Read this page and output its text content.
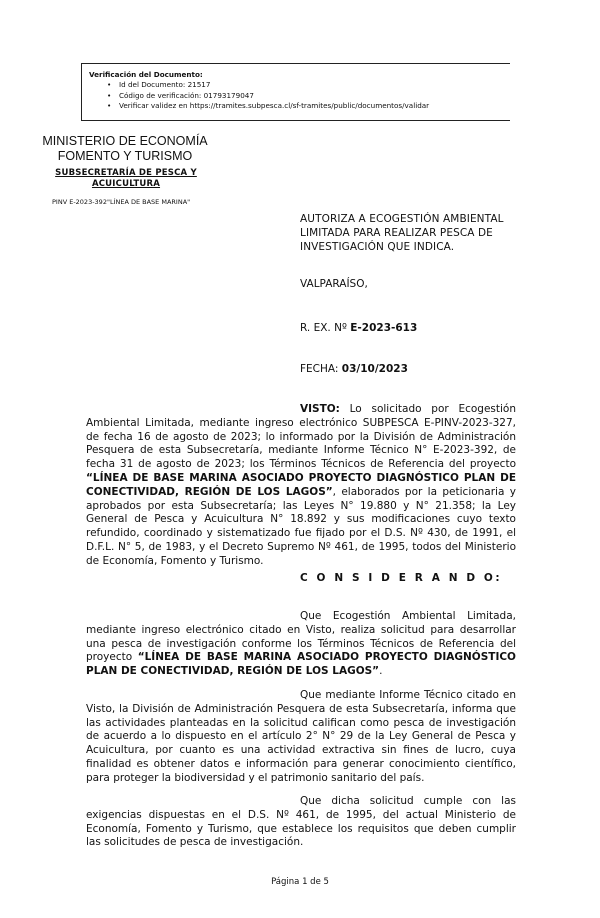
Verificación del Documento:
• Id del Documento: 21517
• Código de verificación: 01793179047
• Verificar validez en https://tramites.subpesca.cl/sf-tramites/public/documentos/validar
MINISTERIO DE ECONOMÍA
FOMENTO Y TURISMO
SUBSECRETARÍA DE PESCA Y
ACUICULTURA
PINV E-2023-392"LÍNEA DE BASE MARINA"
AUTORIZA A ECOGESTIÓN AMBIENTAL LIMITADA PARA REALIZAR PESCA DE INVESTIGACIÓN QUE INDICA.
VALPARAÍSO,
R. EX. Nº E-2023-613
FECHA: 03/10/2023
VISTO: Lo solicitado por Ecogestión Ambiental Limitada, mediante ingreso electrónico SUBPESCA E-PINV-2023-327, de fecha 16 de agosto de 2023; lo informado por la División de Administración Pesquera de esta Subsecretaría, mediante Informe Técnico N° E-2023-392, de fecha 31 de agosto de 2023; los Términos Técnicos de Referencia del proyecto “LÍNEA DE BASE MARINA ASOCIADO PROYECTO DIAGNÓSTICO PLAN DE CONECTIVIDAD, REGIÓN DE LOS LAGOS”, elaborados por la peticionaria y aprobados por esta Subsecretaría; las Leyes N° 19.880 y N° 21.358; la Ley General de Pesca y Acuicultura N° 18.892 y sus modificaciones cuyo texto refundido, coordinado y sistematizado fue fijado por el D.S. Nº 430, de 1991, el D.F.L. N° 5, de 1983, y el Decreto Supremo Nº 461, de 1995, todos del Ministerio de Economía, Fomento y Turismo.
C O N S I D E R A N D O:
Que Ecogestión Ambiental Limitada, mediante ingreso electrónico citado en Visto, realiza solicitud para desarrollar una pesca de investigación conforme los Términos Técnicos de Referencia del proyecto “LÍNEA DE BASE MARINA ASOCIADO PROYECTO DIAGNÓSTICO PLAN DE CONECTIVIDAD, REGIÓN DE LOS LAGOS”.
Que mediante Informe Técnico citado en Visto, la División de Administración Pesquera de esta Subsecretaría, informa que las actividades planteadas en la solicitud califican como pesca de investigación de acuerdo a lo dispuesto en el artículo 2° N° 29 de la Ley General de Pesca y Acuicultura, por cuanto es una actividad extractiva sin fines de lucro, cuya finalidad es obtener datos e información para generar conocimiento científico, para proteger la biodiversidad y el patrimonio sanitario del país.
Que dicha solicitud cumple con las exigencias dispuestas en el D.S. Nº 461, de 1995, del actual Ministerio de Economía, Fomento y Turismo, que establece los requisitos que deben cumplir las solicitudes de pesca de investigación.
Página 1 de 5
